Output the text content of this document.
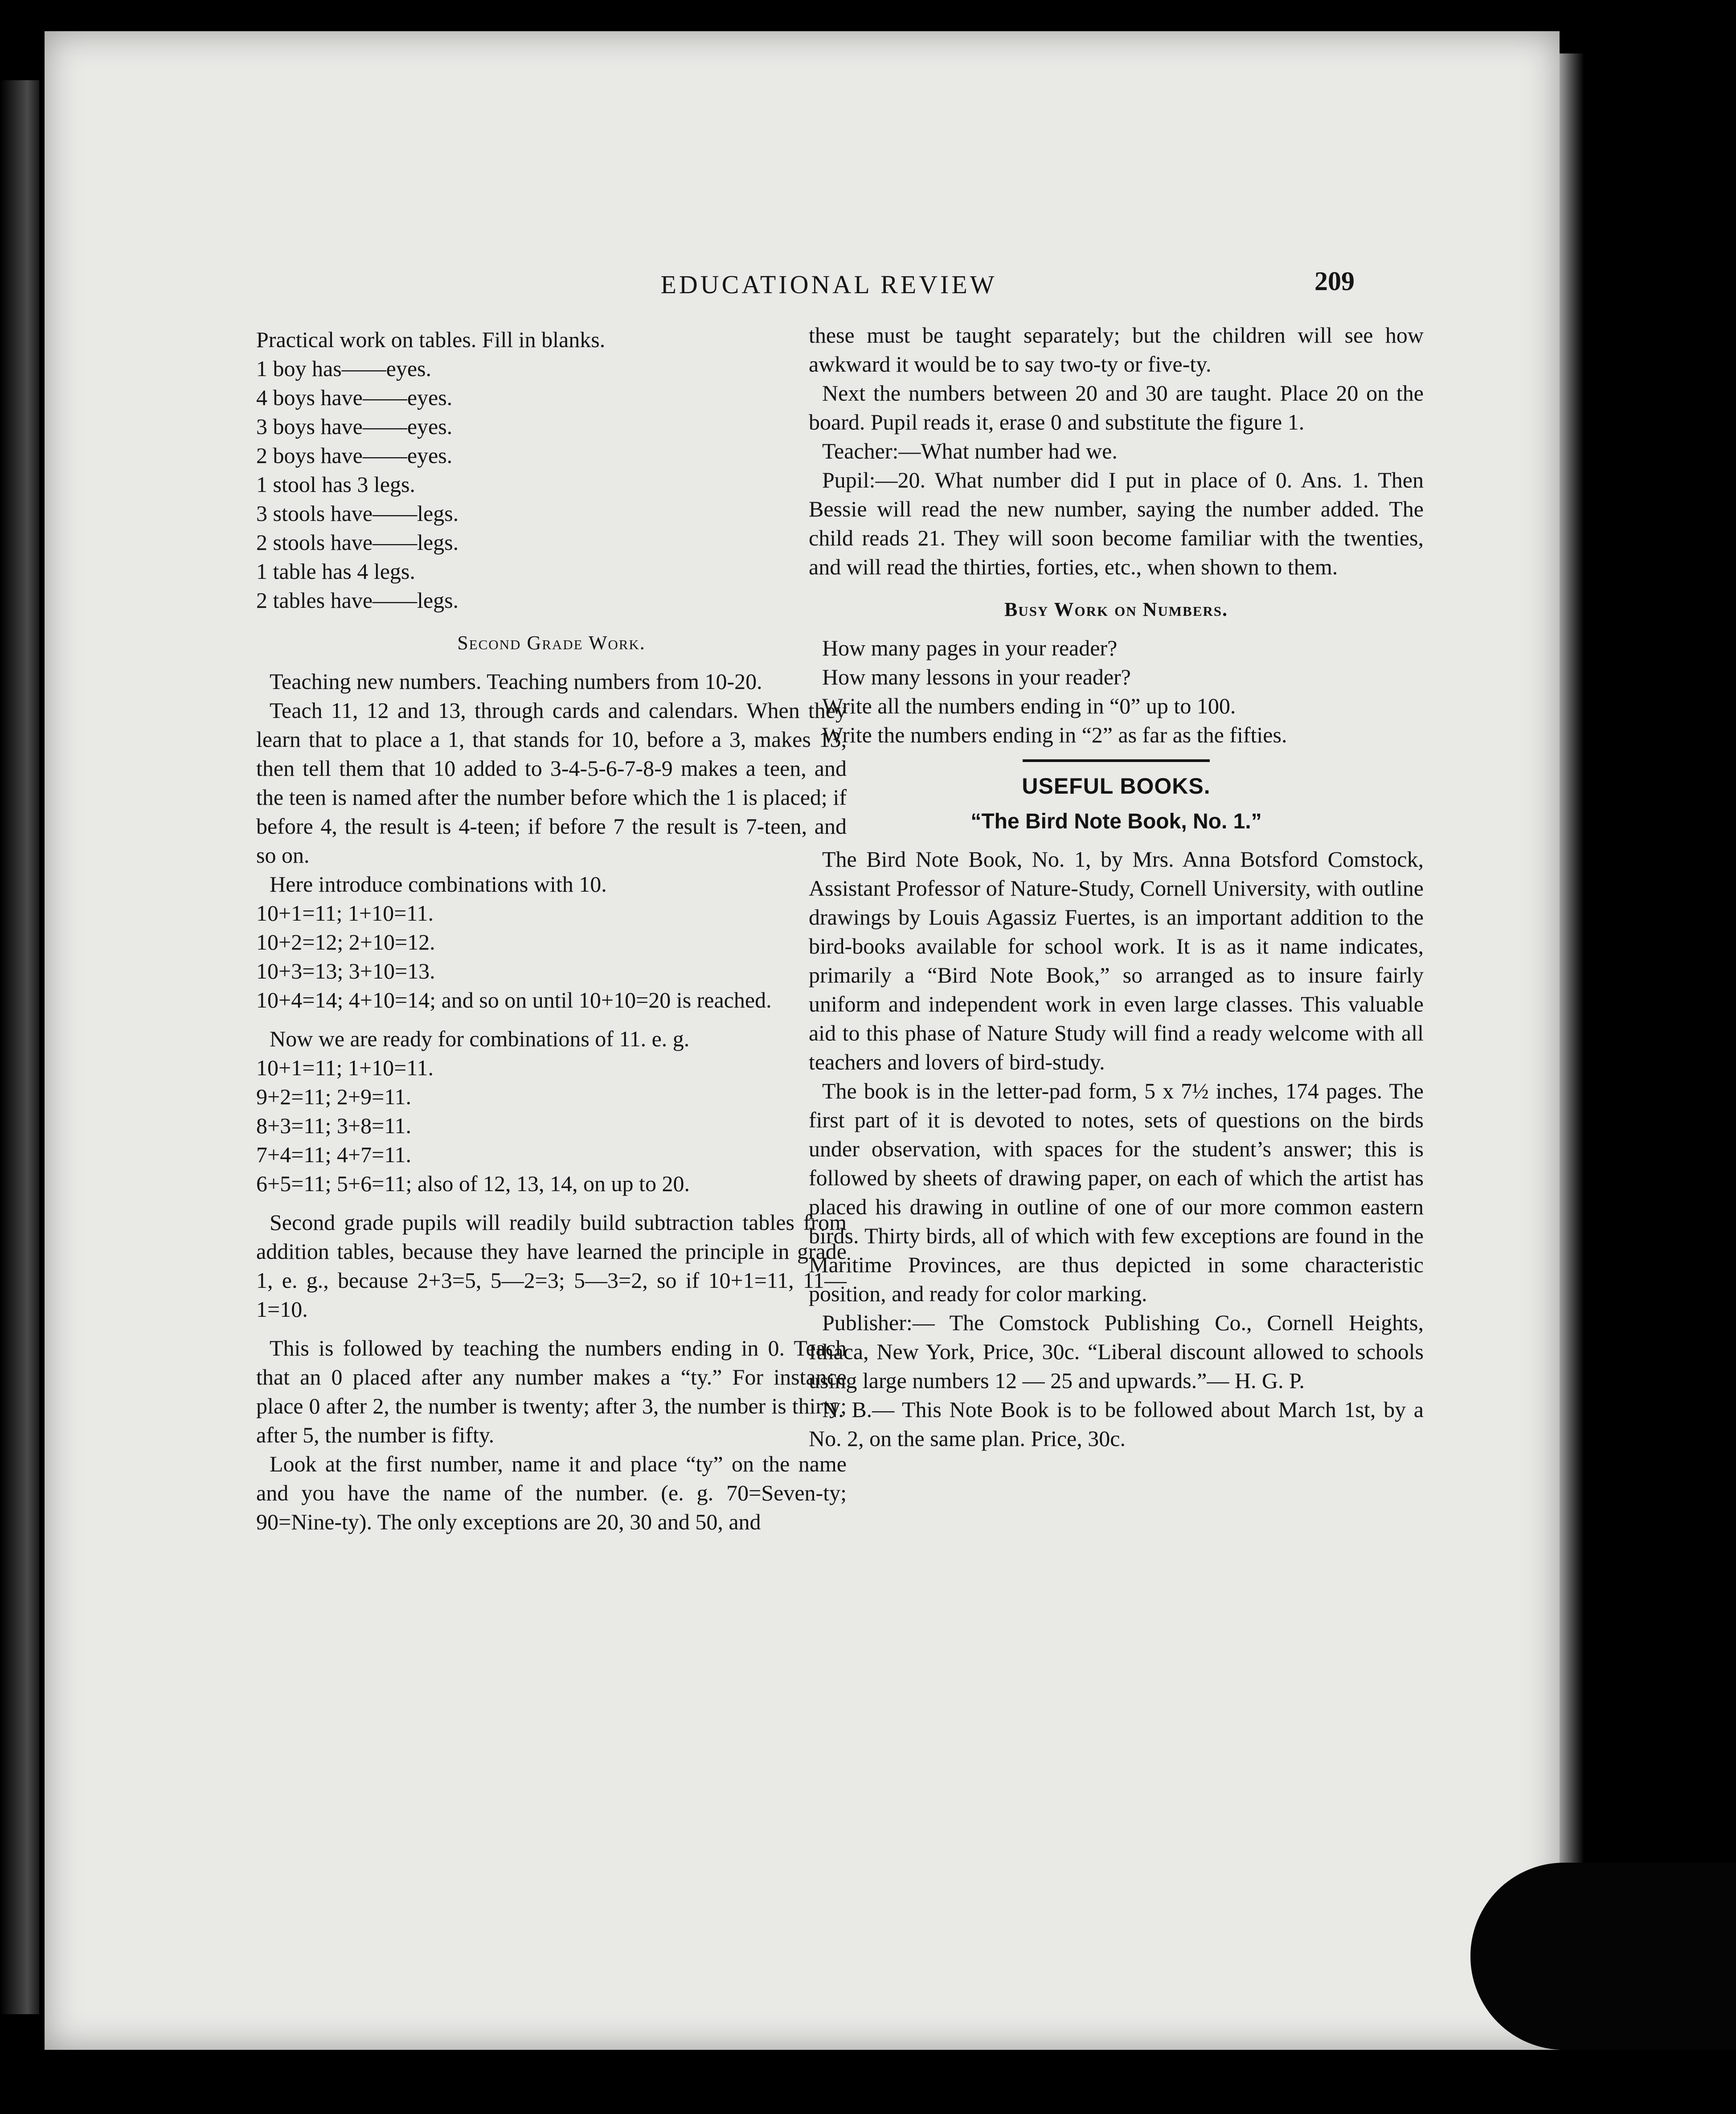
EDUCATIONAL REVIEW	209

Practical work on tables. Fill in blanks.

1 boy has——eyes.
4 boys have——eyes.
3 boys have——eyes.
2 boys have——eyes.
1 stool has 3 legs.
3 stools have——legs.
2 stools have——legs.
1 table has 4 legs.
2 tables have——legs.
Second Grade Work.

Teaching new numbers. Teaching numbers from 10-20.

Teach 11, 12 and 13, through cards and calendars. When they learn that to place a 1, that stands for 10, before a 3, makes 13, then tell them that 10 added to 3-4-5-6-7-8-9 makes a teen, and the teen is named after the number before which the 1 is placed; if before 4, the result is 4-teen; if before 7 the result is 7-teen, and so on.

Here introduce combinations with 10.

10+1=11; 1+10=11.
10+2=12; 2+10=12.
10+3=13; 3+10=13.

10+4=14; 4+10=14; and so on until 10+10=20 is reached.

Now we are ready for combinations of 11. e. g.

10+1=11; 1+10=11.
9+2=11; 2+9=11.
8+3=11; 3+8=11.
7+4=11; 4+7=11.

6+5=11; 5+6=11; also of 12, 13, 14, on up to 20.

Second grade pupils will readily build subtraction tables from addition tables, because they have learned the principle in grade 1, e. g., because 2+3=5, 5—2=3; 5—3=2, so if 10+1=11, 11—1=10.

This is followed by teaching the numbers ending in 0. Teach that an 0 placed after any number makes a “ty.” For instance place 0 after 2, the number is twenty; after 3, the number is thirty; after 5, the number is fifty.

Look at the first number, name it and place “ty” on the name and you have the name of the number. (e. g. 70=Seven-ty; 90=Nine-ty). The only exceptions are 20, 30 and 50, and

these must be taught separately; but the children will see how awkward it would be to say two-ty or five-ty.

Next the numbers between 20 and 30 are taught. Place 20 on the board. Pupil reads it, erase 0 and substitute the figure 1.

Teacher:—What number had we.

Pupil:—20. What number did I put in place of 0. Ans. 1. Then Bessie will read the new number, saying the number added. The child reads 21. They will soon become familiar with the twenties, and will read the thirties, forties, etc., when shown to them.

Busy Work on Numbers.

How many pages in your reader?

How many lessons in your reader?

Write all the numbers ending in “0” up to 100.

Write the numbers ending in “2” as far as the fifties.

USEFUL BOOKS.
“The Bird Note Book, No. 1.”

The Bird Note Book, No. 1, by Mrs. Anna Botsford Comstock, Assistant Professor of Nature-Study, Cornell University, with outline drawings by Louis Agassiz Fuertes, is an important addition to the bird-books available for school work. It is as it name indicates, primarily a “Bird Note Book,” so arranged as to insure fairly uniform and independent work in even large classes. This valuable aid to this phase of Nature Study will find a ready welcome with all teachers and lovers of bird-study.

The book is in the letter-pad form, 5 x 7½ inches, 174 pages. The first part of it is devoted to notes, sets of questions on the birds under observation, with spaces for the student’s answer; this is followed by sheets of drawing paper, on each of which the artist has placed his drawing in outline of one of our more common eastern birds. Thirty birds, all of which with few exceptions are found in the Maritime Provinces, are thus depicted in some characteristic position, and ready for color marking.

Publisher:— The Comstock Publishing Co., Cornell Heights, Ithaca, New York, Price, 30c. “Liberal discount allowed to schools using large numbers 12 — 25 and upwards.”— H. G. P.

N. B.— This Note Book is to be followed about March 1st, by a No. 2, on the same plan. Price, 30c.
